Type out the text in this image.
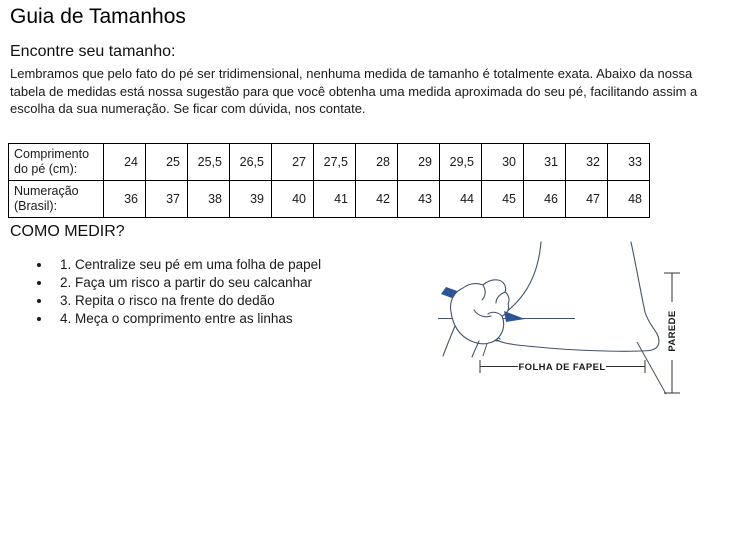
Guia de Tamanhos
Encontre seu tamanho:
Lembramos que pelo fato do pé ser tridimensional, nenhuma medida de tamanho é totalmente exata. Abaixo da nossa tabela de medidas está nossa sugestão para que você obtenha uma medida aproximada do seu pé, facilitando assim a escolha da sua numeração. Se ficar com dúvida, nos contate.
Comprimento do pé (cm):	24	25	25,5	26,5	27	27,5	28	29	29,5	30	31	32	33
Numeração (Brasil):	36	37	38	39	40	41	42	43	44	45	46	47	48
COMO MEDIR?
• 1. Centralize seu pé em uma folha de papel
• 2. Faça um risco a partir do seu calcanhar
• 3. Repita o risco na frente do dedão
• 4. Meça o comprimento entre as linhas
FOLHA DE FAPEL
PAREDE
